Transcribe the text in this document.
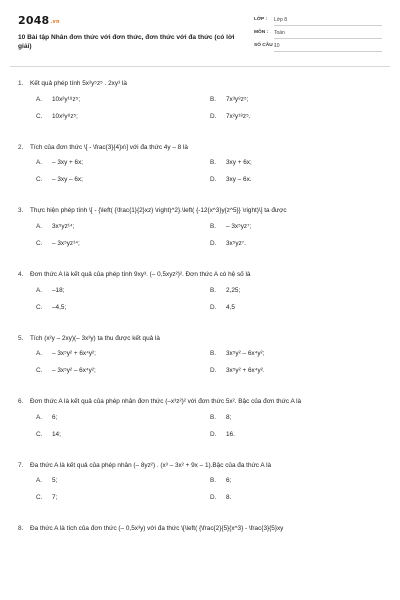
2048.vn
10 Bài tập Nhân đơn thức với đơn thức, đơn thức với đa thức (có lời giải)
LỚP : Lớp 8
MÔN : Toán
SỐ CÂU :
10
1.	Kết quả phép tính 5x²y⁵z⁵ . 2xy³ là
A.	10x²y¹⁸z⁵;	B.	7x³y⁸z⁵;
C.	10x³y⁸z⁵;	D.	7x²y¹⁸z⁵.
2.	Tích của đơn thức \[ - \frac{3}{4}x\] với đa thức 4y – 8 là
A.	– 3xy + 6x;	B.	3xy + 6x;
C.	– 3xy – 6x;	D.	3xy – 6x.
3.	Thực hiện phép tính \[ - {\left( {\frac{1}{2}xz} \right)^2}.\left( {-12{x^3}y{z^5}} \right)\] ta được
A.	3x⁵yz¹⁴;	B.	– 3x⁵yz⁷;
C.	– 3x⁵yz¹⁴;	D.	3x⁵yz⁷.
4.	Đơn thức A là kết quả của phép tính 9xy³. (– 0,5xyz²)². Đơn thức A có hệ số là
A.	–18;	B.	2,25;
C.	–4,5;	D.	4,5
5.	Tích (x²y – 2xy)(– 3x³y) ta thu được kết quả là
A.	– 3x⁵y² + 6x⁴y²;	B.	3x⁵y² – 6x⁴y²;
C.	– 3x⁵y² – 6x⁴y²;	D.	3x⁵y² + 6x⁴y².
6.	Đơn thức A là kết quả của phép nhân đơn thức (–x³z²)² với đơn thức 5x². Bậc của đơn thức A là
A.	6;	B.	8;
C.	14;	D.	16.
7.	Đa thức A là kết quả của phép nhân (– 8yz²) . (x³ – 3x² + 9x – 1).Bậc của đa thức A là
A.	5;	B.	6;
C.	7;	D.	8.
8.	Đa thức A là tích của đơn thức (– 0,5x³y) với đa thức \[\left( {\frac{2}{5}{x^3} - \frac{3}{5}xy
